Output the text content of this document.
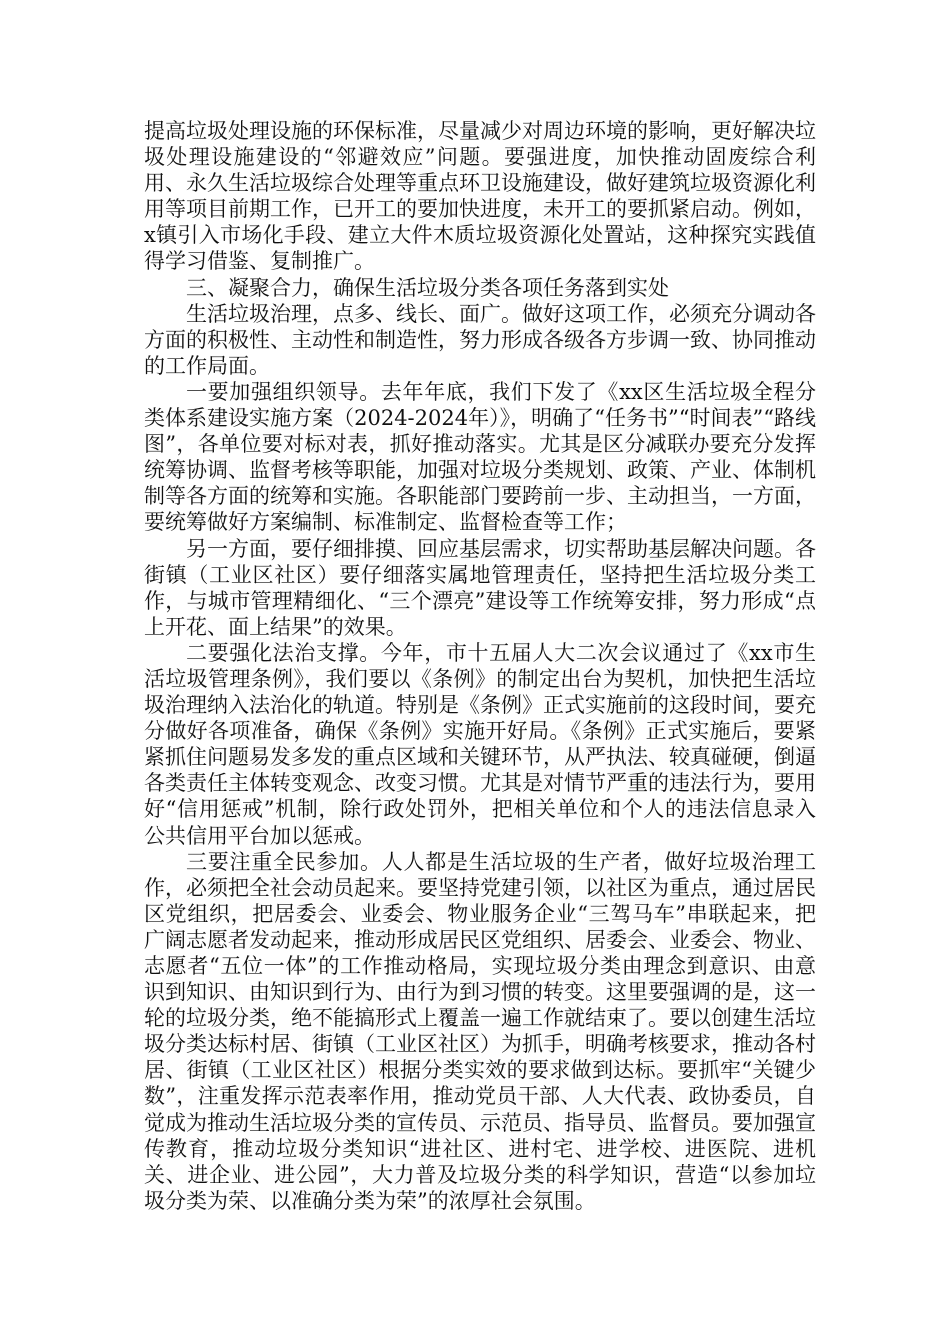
提高垃圾处理设施的环保标准，尽量减少对周边环境的影响，更好解决垃圾处理设施建设的“邻避效应”问题。要强进度，加快推动固废综合利用、永久生活垃圾综合处理等重点环卫设施建设，做好建筑垃圾资源化利用等项目前期工作，已开工的要加快进度，未开工的要抓紧启动。例如，x镇引入市场化手段、建立大件木质垃圾资源化处置站，这种探究实践值得学习借鉴、复制推广。

三、凝聚合力，确保生活垃圾分类各项任务落到实处

生活垃圾治理，点多、线长、面广。做好这项工作，必须充分调动各方面的积极性、主动性和制造性，努力形成各级各方步调一致、协同推动的工作局面。

一要加强组织领导。去年年底，我们下发了《xx区生活垃圾全程分类体系建设实施方案（2024-2024年）》，明确了“任务书”“时间表”“路线图”，各单位要对标对表，抓好推动落实。尤其是区分减联办要充分发挥统筹协调、监督考核等职能，加强对垃圾分类规划、政策、产业、体制机制等各方面的统筹和实施。各职能部门要跨前一步、主动担当，一方面，要统筹做好方案编制、标准制定、监督检查等工作；

另一方面，要仔细排摸、回应基层需求，切实帮助基层解决问题。各街镇（工业区社区）要仔细落实属地管理责任，坚持把生活垃圾分类工作，与城市管理精细化、“三个漂亮”建设等工作统筹安排，努力形成“点上开花、面上结果”的效果。

二要强化法治支撑。今年，市十五届人大二次会议通过了《xx市生活垃圾管理条例》，我们要以《条例》的制定出台为契机，加快把生活垃圾治理纳入法治化的轨道。特别是《条例》正式实施前的这段时间，要充分做好各项准备，确保《条例》实施开好局。《条例》正式实施后，要紧紧抓住问题易发多发的重点区域和关键环节，从严执法、较真碰硬，倒逼各类责任主体转变观念、改变习惯。尤其是对情节严重的违法行为，要用好“信用惩戒”机制，除行政处罚外，把相关单位和个人的违法信息录入公共信用平台加以惩戒。

三要注重全民参加。人人都是生活垃圾的生产者，做好垃圾治理工作，必须把全社会动员起来。要坚持党建引领，以社区为重点，通过居民区党组织，把居委会、业委会、物业服务企业“三驾马车”串联起来，把广阔志愿者发动起来，推动形成居民区党组织、居委会、业委会、物业、志愿者“五位一体”的工作推动格局，实现垃圾分类由理念到意识、由意识到知识、由知识到行为、由行为到习惯的转变。这里要强调的是，这一轮的垃圾分类，绝不能搞形式上覆盖一遍工作就结束了。要以创建生活垃圾分类达标村居、街镇（工业区社区）为抓手，明确考核要求，推动各村居、街镇（工业区社区）根据分类实效的要求做到达标。要抓牢“关键少数”，注重发挥示范表率作用，推动党员干部、人大代表、政协委员，自觉成为推动生活垃圾分类的宣传员、示范员、指导员、监督员。要加强宣传教育，推动垃圾分类知识“进社区、进村宅、进学校、进医院、进机关、进企业、进公园”，大力普及垃圾分类的科学知识，营造“以参加垃圾分类为荣、以准确分类为荣”的浓厚社会氛围。
